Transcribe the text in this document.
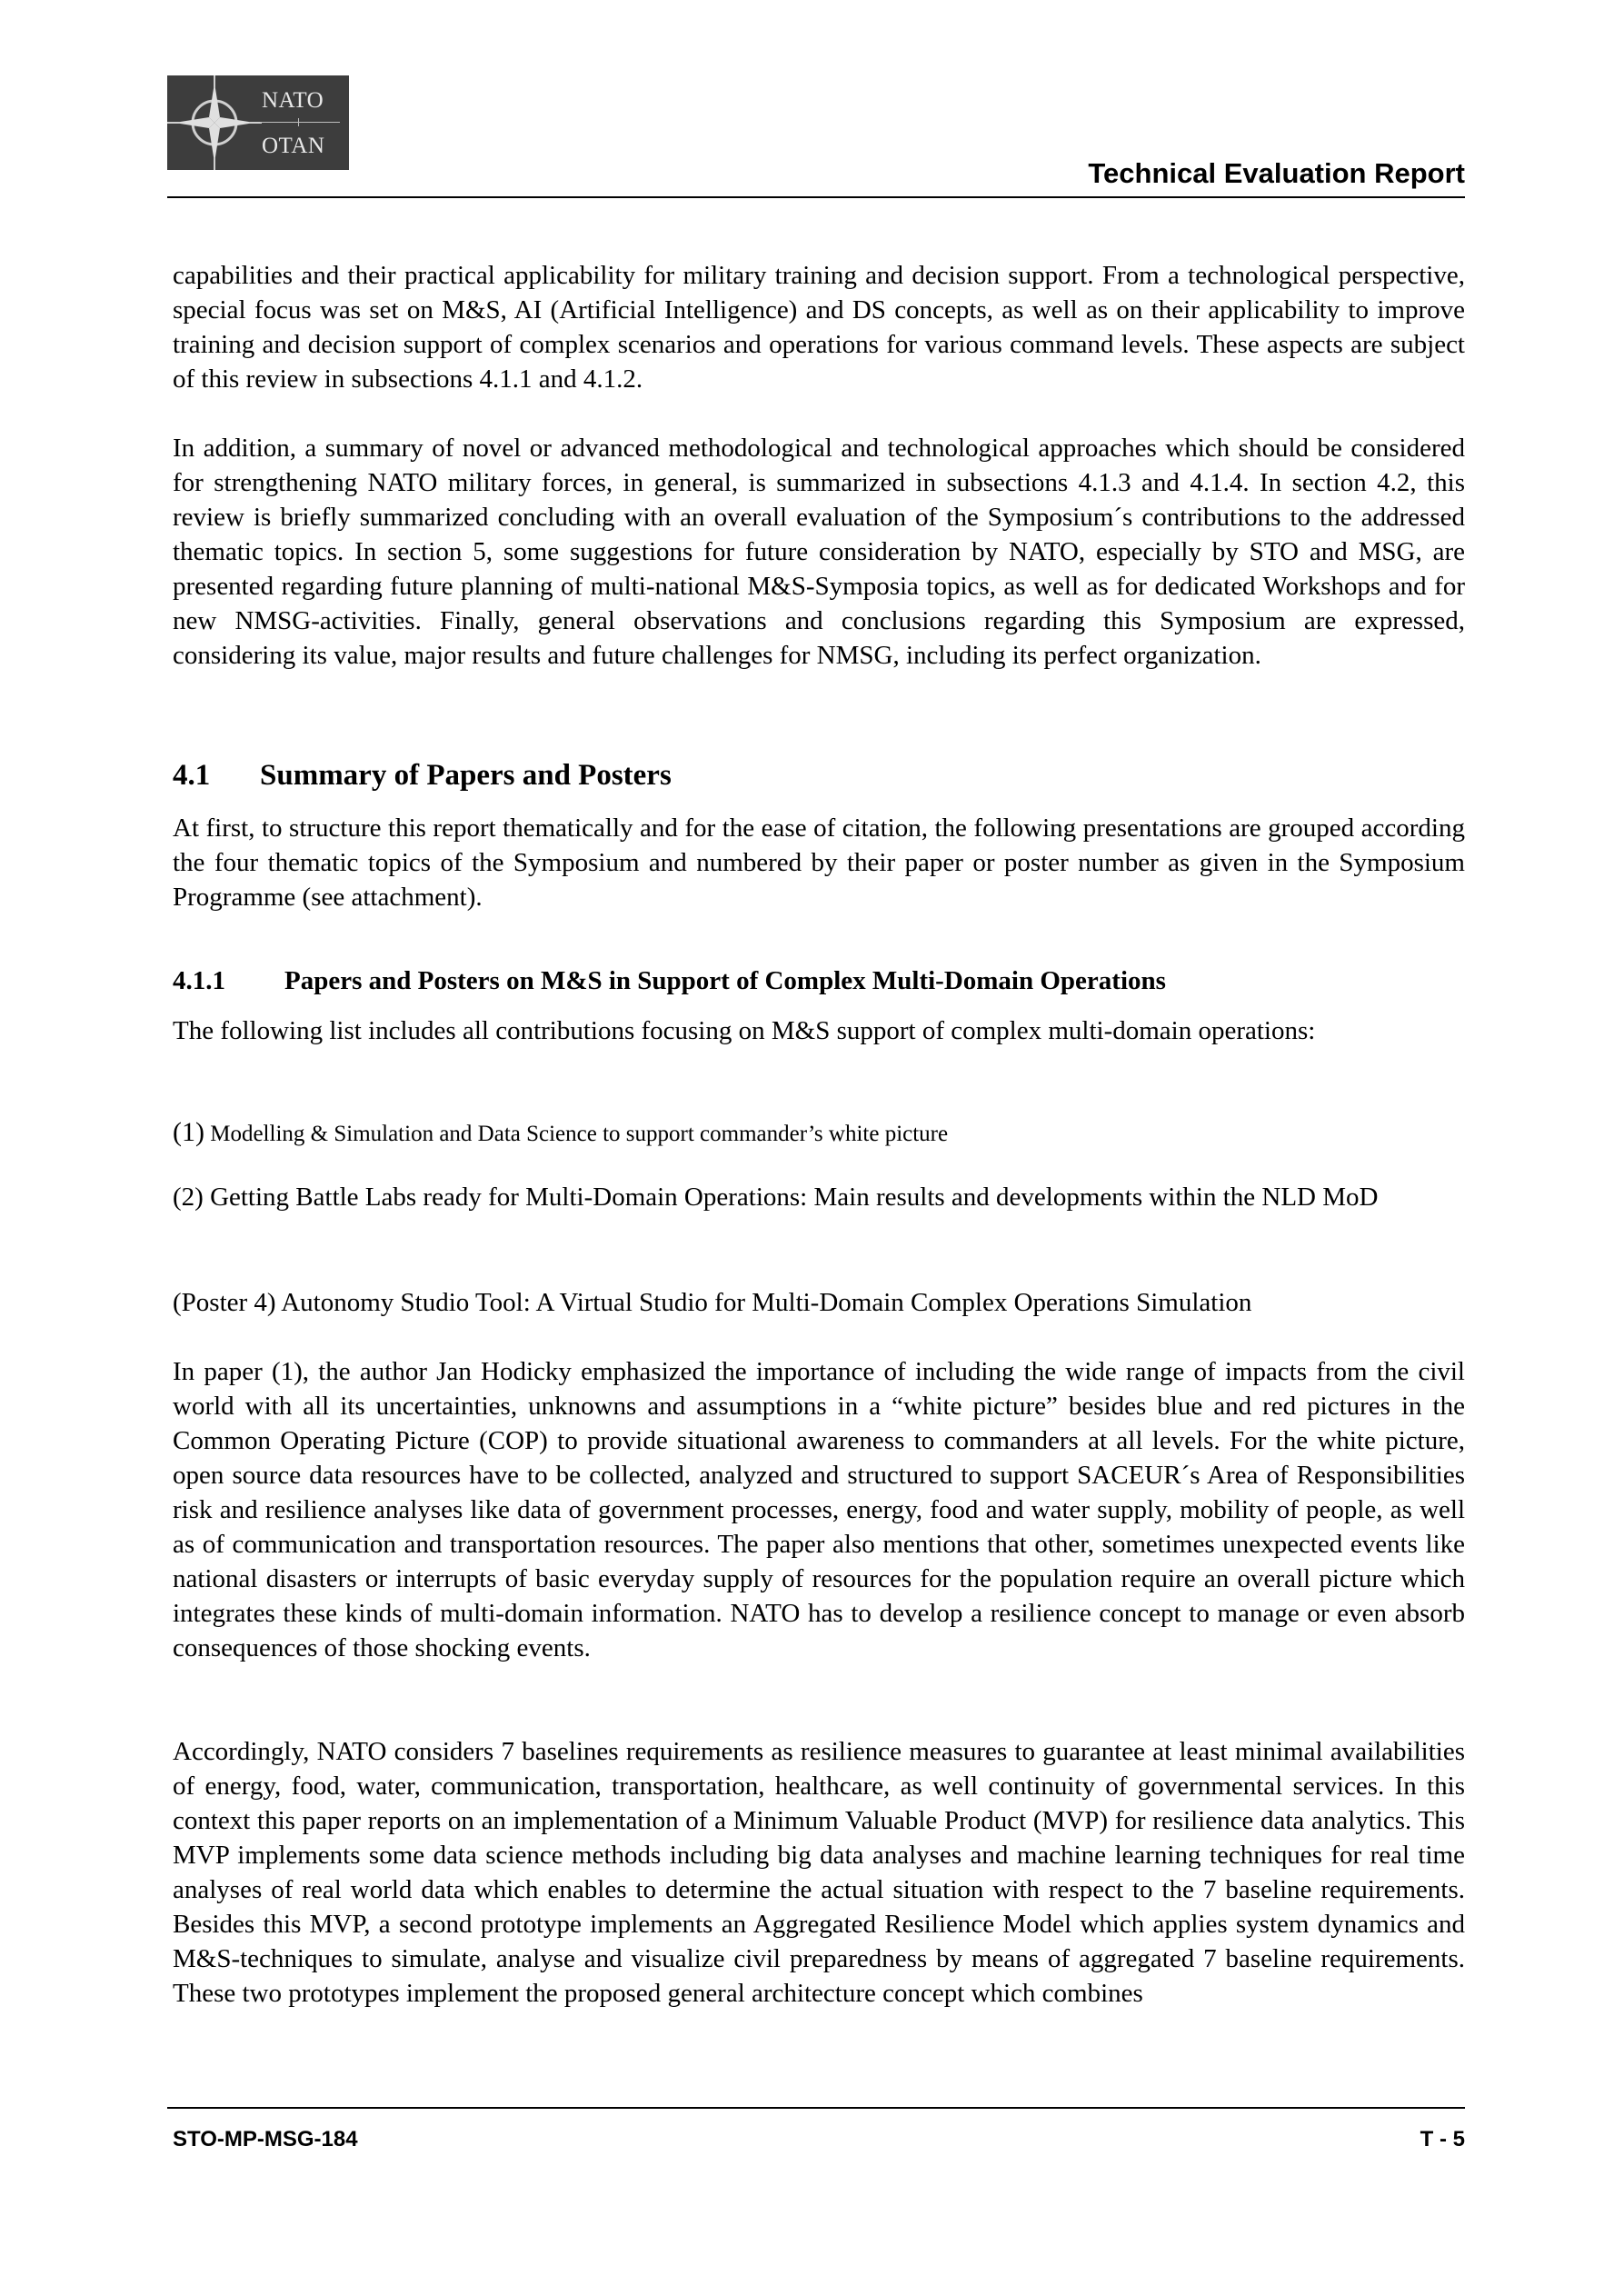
NATO
OTAN
Technical Evaluation Report

capabilities and their practical applicability for military training and decision support. From a technological perspective, special focus was set on M&S, AI (Artificial Intelligence) and DS concepts, as well as on their applicability to improve training and decision support of complex scenarios and operations for various command levels. These aspects are subject of this review in subsections 4.1.1 and 4.1.2.

In addition, a summary of novel or advanced methodological and technological approaches which should be considered for strengthening NATO military forces, in general, is summarized in subsections 4.1.3 and 4.1.4. In section 4.2, this review is briefly summarized concluding with an overall evaluation of the Symposium´s contributions to the addressed thematic topics. In section 5, some suggestions for future consideration by NATO, especially by STO and MSG, are presented regarding future planning of multi-national M&S-Symposia topics, as well as for dedicated Workshops and for new NMSG-activities. Finally, general observations and conclusions regarding this Symposium are expressed, considering its value, major results and future challenges for NMSG, including its perfect organization.

4.1 Summary of Papers and Posters

At first, to structure this report thematically and for the ease of citation, the following presentations are grouped according the four thematic topics of the Symposium and numbered by their paper or poster number as given in the Symposium Programme (see attachment).

4.1.1 Papers and Posters on M&S in Support of Complex Multi-Domain Operations

The following list includes all contributions focusing on M&S support of complex multi-domain operations:

(1) Modelling & Simulation and Data Science to support commander’s white picture

(2) Getting Battle Labs ready for Multi-Domain Operations: Main results and developments within the NLD MoD

(Poster 4) Autonomy Studio Tool: A Virtual Studio for Multi-Domain Complex Operations Simulation

In paper (1), the author Jan Hodicky emphasized the importance of including the wide range of impacts from the civil world with all its uncertainties, unknowns and assumptions in a “white picture” besides blue and red pictures in the Common Operating Picture (COP) to provide situational awareness to commanders at all levels. For the white picture, open source data resources have to be collected, analyzed and structured to support SACEUR´s Area of Responsibilities risk and resilience analyses like data of government processes, energy, food and water supply, mobility of people, as well as of communication and transportation resources. The paper also mentions that other, sometimes unexpected events like national disasters or interrupts of basic everyday supply of resources for the population require an overall picture which integrates these kinds of multi-domain information. NATO has to develop a resilience concept to manage or even absorb consequences of those shocking events.

Accordingly, NATO considers 7 baselines requirements as resilience measures to guarantee at least minimal availabilities of energy, food, water, communication, transportation, healthcare, as well continuity of governmental services. In this context this paper reports on an implementation of a Minimum Valuable Product (MVP) for resilience data analytics. This MVP implements some data science methods including big data analyses and machine learning techniques for real time analyses of real world data which enables to determine the actual situation with respect to the 7 baseline requirements. Besides this MVP, a second prototype implements an Aggregated Resilience Model which applies system dynamics and M&S-techniques to simulate, analyse and visualize civil preparedness by means of aggregated 7 baseline requirements. These two prototypes implement the proposed general architecture concept which combines

STO-MP-MSG-184	T - 5
